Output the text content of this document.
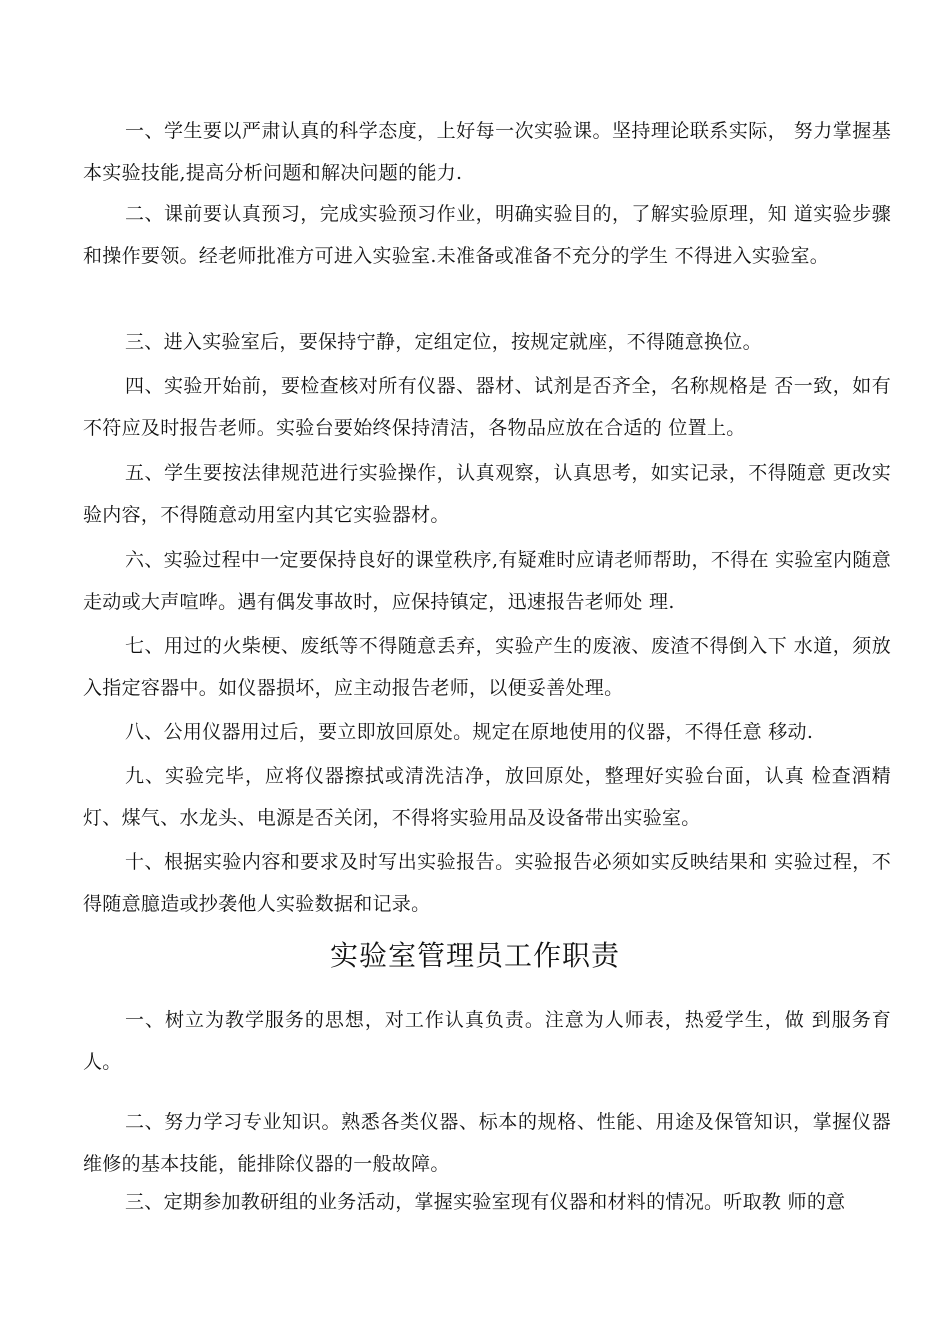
一、学生要以严肃认真的科学态度，上好每一次实验课。坚持理论联系实际， 努力掌握基本实验技能,提高分析问题和解决问题的能力.

二、课前要认真预习，完成实验预习作业，明确实验目的，了解实验原理，知 道实验步骤和操作要领。经老师批准方可进入实验室.未准备或准备不充分的学生 不得进入实验室。

三、进入实验室后，要保持宁静，定组定位，按规定就座，不得随意换位。

四、实验开始前，要检查核对所有仪器、器材、试剂是否齐全，名称规格是 否一致，如有不符应及时报告老师。实验台要始终保持清洁，各物品应放在合适的 位置上。

五、学生要按法律规范进行实验操作，认真观察，认真思考，如实记录，不得随意 更改实验内容，不得随意动用室内其它实验器材。

六、实验过程中一定要保持良好的课堂秩序,有疑难时应请老师帮助，不得在 实验室内随意走动或大声喧哗。遇有偶发事故时，应保持镇定，迅速报告老师处 理.

七、用过的火柴梗、废纸等不得随意丢弃，实验产生的废液、废渣不得倒入下 水道，须放入指定容器中。如仪器损坏，应主动报告老师，以便妥善处理。

八、公用仪器用过后，要立即放回原处。规定在原地使用的仪器，不得任意 移动.

九、实验完毕，应将仪器擦拭或清洗洁净，放回原处，整理好实验台面，认真 检查酒精灯、煤气、水龙头、电源是否关闭，不得将实验用品及设备带出实验室。

十、根据实验内容和要求及时写出实验报告。实验报告必须如实反映结果和 实验过程，不得随意臆造或抄袭他人实验数据和记录。

实验室管理员工作职责

一、树立为教学服务的思想，对工作认真负责。注意为人师表，热爱学生，做 到服务育人。

二、努力学习专业知识。熟悉各类仪器、标本的规格、性能、用途及保管知识，掌握仪器维修的基本技能，能排除仪器的一般故障。

三、定期参加教研组的业务活动，掌握实验室现有仪器和材料的情况。听取教 师的意
